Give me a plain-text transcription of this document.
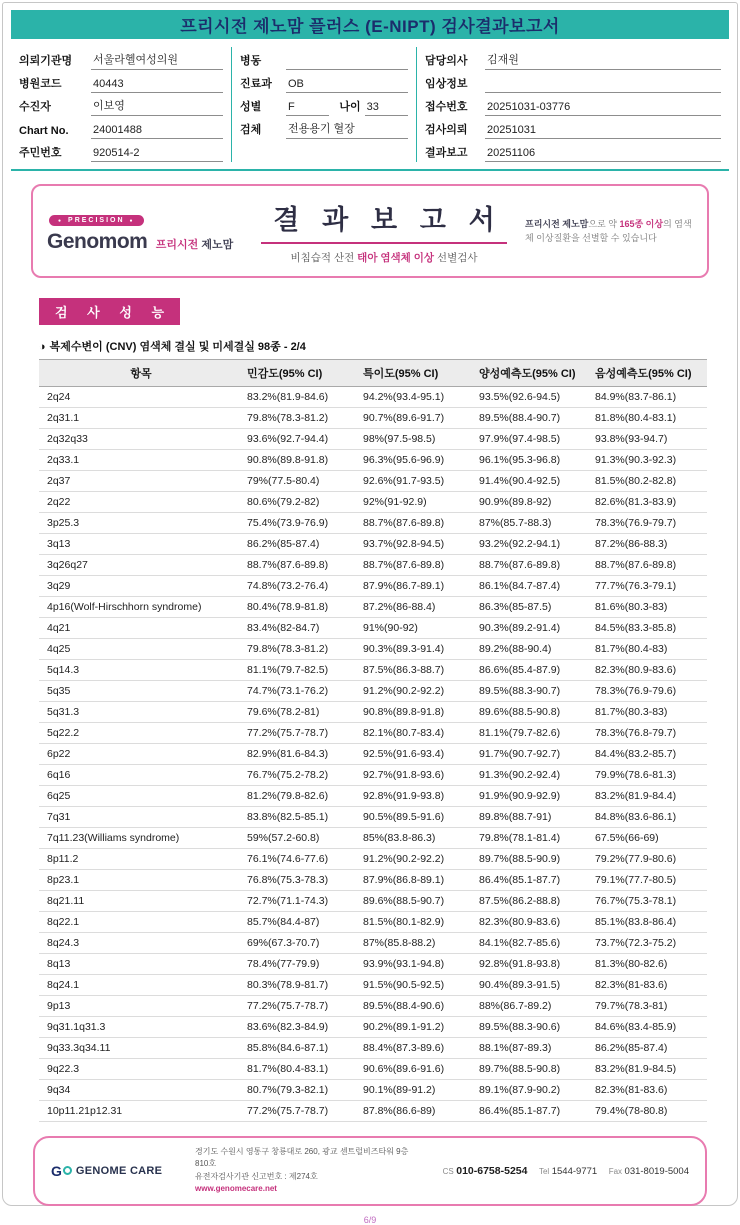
프리시전 제노맘 플러스 (E-NIPT) 검사결과보고서
의뢰기관명	서울라헬여성의원
병원코드	40443
수진자	이보영
Chart No.	24001488
주민번호	920514-2
병동
진료과	OB
성별	F	나이 33
검체	전용용기 혈장
담당의사	김재원
임상정보
접수번호	20251031-03776
검사의뢰	20251031
결과보고	20251106
● PRECISION ●
Genomom 프리시전 제노맘
결 과 보 고 서
비침습적 산전 태아 염색체 이상 선별검사
프리시전 제노맘으로 약 165종 이상의 염색체 이상질환을 선별할 수 있습니다
검 사 성 능
◑ 복제수변이 (CNV) 염색체 결실 및 미세결실 98종 - 2/4
항목	민감도(95% CI)	특이도(95% CI)	양성예측도(95% CI)	음성예측도(95% CI)
2q24	83.2%(81.9-84.6)	94.2%(93.4-95.1)	93.5%(92.6-94.5)	84.9%(83.7-86.1)
2q31.1	79.8%(78.3-81.2)	90.7%(89.6-91.7)	89.5%(88.4-90.7)	81.8%(80.4-83.1)
2q32q33	93.6%(92.7-94.4)	98%(97.5-98.5)	97.9%(97.4-98.5)	93.8%(93-94.7)
2q33.1	90.8%(89.8-91.8)	96.3%(95.6-96.9)	96.1%(95.3-96.8)	91.3%(90.3-92.3)
2q37	79%(77.5-80.4)	92.6%(91.7-93.5)	91.4%(90.4-92.5)	81.5%(80.2-82.8)
2q22	80.6%(79.2-82)	92%(91-92.9)	90.9%(89.8-92)	82.6%(81.3-83.9)
3p25.3	75.4%(73.9-76.9)	88.7%(87.6-89.8)	87%(85.7-88.3)	78.3%(76.9-79.7)
3q13	86.2%(85-87.4)	93.7%(92.8-94.5)	93.2%(92.2-94.1)	87.2%(86-88.3)
3q26q27	88.7%(87.6-89.8)	88.7%(87.6-89.8)	88.7%(87.6-89.8)	88.7%(87.6-89.8)
3q29	74.8%(73.2-76.4)	87.9%(86.7-89.1)	86.1%(84.7-87.4)	77.7%(76.3-79.1)
4p16(Wolf-Hirschhorn syndrome)	80.4%(78.9-81.8)	87.2%(86-88.4)	86.3%(85-87.5)	81.6%(80.3-83)
4q21	83.4%(82-84.7)	91%(90-92)	90.3%(89.2-91.4)	84.5%(83.3-85.8)
4q25	79.8%(78.3-81.2)	90.3%(89.3-91.4)	89.2%(88-90.4)	81.7%(80.4-83)
5q14.3	81.1%(79.7-82.5)	87.5%(86.3-88.7)	86.6%(85.4-87.9)	82.3%(80.9-83.6)
5q35	74.7%(73.1-76.2)	91.2%(90.2-92.2)	89.5%(88.3-90.7)	78.3%(76.9-79.6)
5q31.3	79.6%(78.2-81)	90.8%(89.8-91.8)	89.6%(88.5-90.8)	81.7%(80.3-83)
5q22.2	77.2%(75.7-78.7)	82.1%(80.7-83.4)	81.1%(79.7-82.6)	78.3%(76.8-79.7)
6p22	82.9%(81.6-84.3)	92.5%(91.6-93.4)	91.7%(90.7-92.7)	84.4%(83.2-85.7)
6q16	76.7%(75.2-78.2)	92.7%(91.8-93.6)	91.3%(90.2-92.4)	79.9%(78.6-81.3)
6q25	81.2%(79.8-82.6)	92.8%(91.9-93.8)	91.9%(90.9-92.9)	83.2%(81.9-84.4)
7q31	83.8%(82.5-85.1)	90.5%(89.5-91.6)	89.8%(88.7-91)	84.8%(83.6-86.1)
7q11.23(Williams syndrome)	59%(57.2-60.8)	85%(83.8-86.3)	79.8%(78.1-81.4)	67.5%(66-69)
8p11.2	76.1%(74.6-77.6)	91.2%(90.2-92.2)	89.7%(88.5-90.9)	79.2%(77.9-80.6)
8p23.1	76.8%(75.3-78.3)	87.9%(86.8-89.1)	86.4%(85.1-87.7)	79.1%(77.7-80.5)
8q21.11	72.7%(71.1-74.3)	89.6%(88.5-90.7)	87.5%(86.2-88.8)	76.7%(75.3-78.1)
8q22.1	85.7%(84.4-87)	81.5%(80.1-82.9)	82.3%(80.9-83.6)	85.1%(83.8-86.4)
8q24.3	69%(67.3-70.7)	87%(85.8-88.2)	84.1%(82.7-85.6)	73.7%(72.3-75.2)
8q13	78.4%(77-79.9)	93.9%(93.1-94.8)	92.8%(91.8-93.8)	81.3%(80-82.6)
8q24.1	80.3%(78.9-81.7)	91.5%(90.5-92.5)	90.4%(89.3-91.5)	82.3%(81-83.6)
9p13	77.2%(75.7-78.7)	89.5%(88.4-90.6)	88%(86.7-89.2)	79.7%(78.3-81)
9q31.1q31.3	83.6%(82.3-84.9)	90.2%(89.1-91.2)	89.5%(88.3-90.6)	84.6%(83.4-85.9)
9q33.3q34.11	85.8%(84.6-87.1)	88.4%(87.3-89.6)	88.1%(87-89.3)	86.2%(85-87.4)
9q22.3	81.7%(80.4-83.1)	90.6%(89.6-91.6)	89.7%(88.5-90.8)	83.2%(81.9-84.5)
9q34	80.7%(79.3-82.1)	90.1%(89-91.2)	89.1%(87.9-90.2)	82.3%(81-83.6)
10p11.21p12.31	77.2%(75.7-78.7)	87.8%(86.6-89)	86.4%(85.1-87.7)	79.4%(78-80.8)
G GENOME CARE
경기도 수원시 영통구 창룡대로 260, 광교 센트럴비즈타워 9층 810호
유전자검사기관 신고번호 : 제274호
www.genomecare.net
CS 010-6758-5254 Tel 1544-9771 Fax 031-8019-5004
6/9
